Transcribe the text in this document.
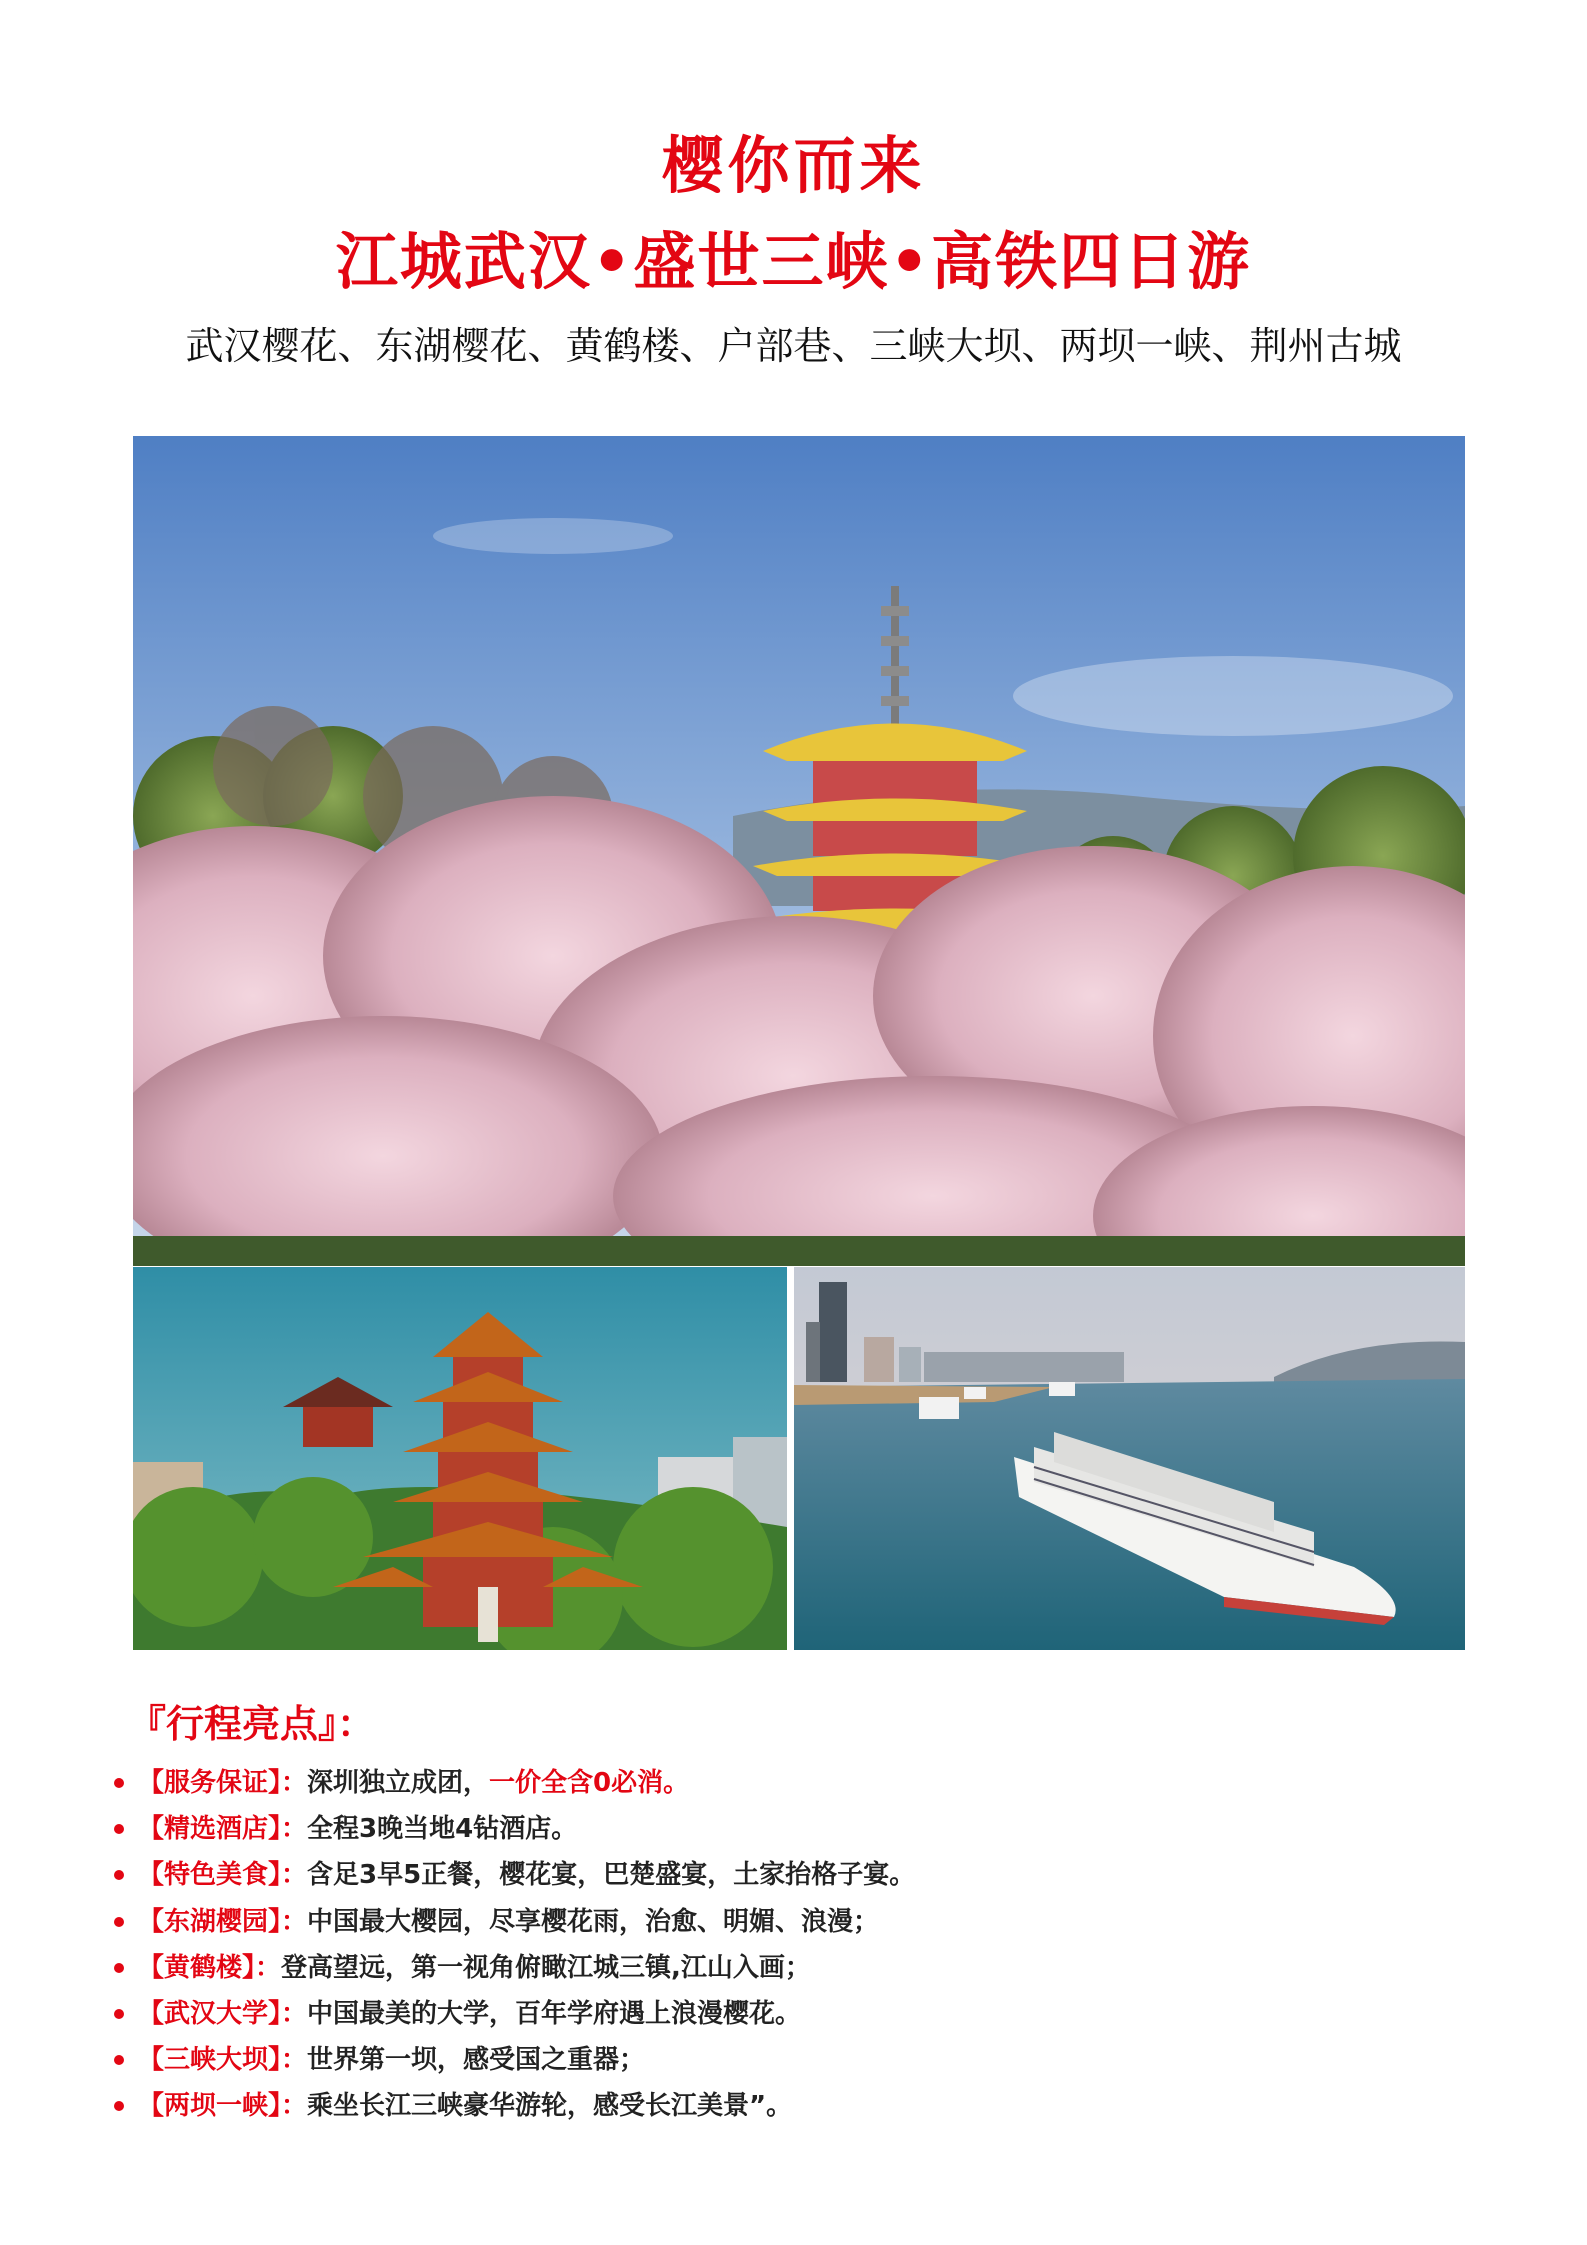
樱你而来
江城武汉•盛世三峡•高铁四日游
武汉樱花、东湖樱花、黄鹤楼、户部巷、三峡大坝、两坝一峡、荆州古城
『行程亮点』：
【服务保证】：深圳独立成团，一价全含0必消。
【精选酒店】：全程3晚当地4钻酒店。
【特色美食】：含足3早5正餐，樱花宴，巴楚盛宴，土家抬格子宴。
【东湖樱园】：中国最大樱园，尽享樱花雨，治愈、明媚、浪漫；
【黄鹤楼】：登高望远，第一视角俯瞰江城三镇,江山入画；
【武汉大学】：中国最美的大学，百年学府遇上浪漫樱花。
【三峡大坝】：世界第一坝，感受国之重器；
【两坝一峡】：乘坐长江三峡豪华游轮，感受长江美景”。
